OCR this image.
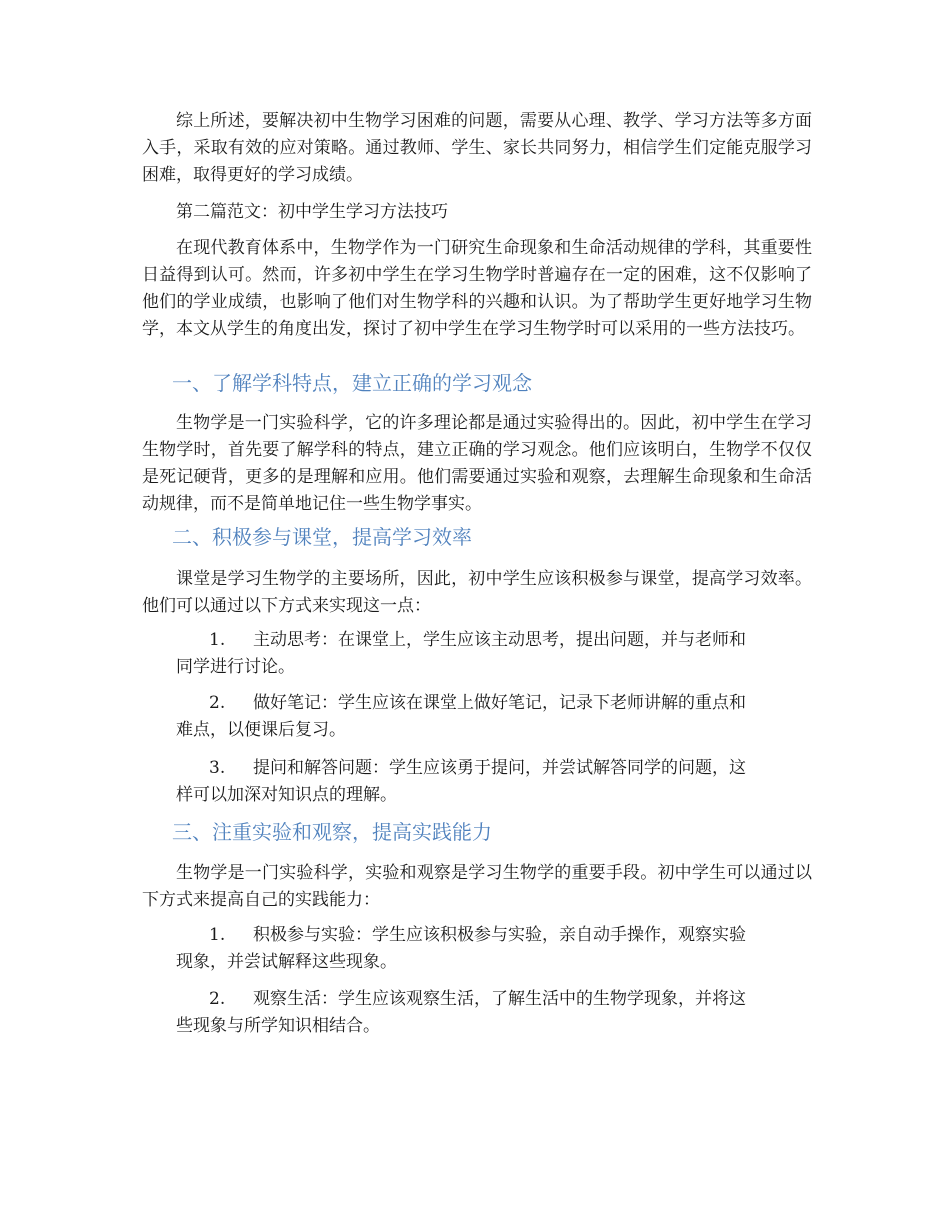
综上所述，要解决初中生物学习困难的问题，需要从心理、教学、学习方法等多方面入手，采取有效的应对策略。通过教师、学生、家长共同努力，相信学生们定能克服学习困难，取得更好的学习成绩。

第二篇范文：初中学生学习方法技巧

在现代教育体系中，生物学作为一门研究生命现象和生命活动规律的学科，其重要性日益得到认可。然而，许多初中学生在学习生物学时普遍存在一定的困难，这不仅影响了他们的学业成绩，也影响了他们对生物学科的兴趣和认识。为了帮助学生更好地学习生物学，本文从学生的角度出发，探讨了初中学生在学习生物学时可以采用的一些方法技巧。

一、了解学科特点，建立正确的学习观念

生物学是一门实验科学，它的许多理论都是通过实验得出的。因此，初中学生在学习生物学时，首先要了解学科的特点，建立正确的学习观念。他们应该明白，生物学不仅仅是死记硬背，更多的是理解和应用。他们需要通过实验和观察，去理解生命现象和生命活动规律，而不是简单地记住一些生物学事实。

二、积极参与课堂，提高学习效率

课堂是学习生物学的主要场所，因此，初中学生应该积极参与课堂，提高学习效率。他们可以通过以下方式来实现这一点：

1. 主动思考：在课堂上，学生应该主动思考，提出问题，并与老师和
同学进行讨论。
2. 做好笔记：学生应该在课堂上做好笔记，记录下老师讲解的重点和
难点，以便课后复习。
3. 提问和解答问题：学生应该勇于提问，并尝试解答同学的问题，这
样可以加深对知识点的理解。
三、注重实验和观察，提高实践能力

生物学是一门实验科学，实验和观察是学习生物学的重要手段。初中学生可以通过以下方式来提高自己的实践能力：

1. 积极参与实验：学生应该积极参与实验，亲自动手操作，观察实验
现象，并尝试解释这些现象。
2. 观察生活：学生应该观察生活，了解生活中的生物学现象，并将这
些现象与所学知识相结合。
